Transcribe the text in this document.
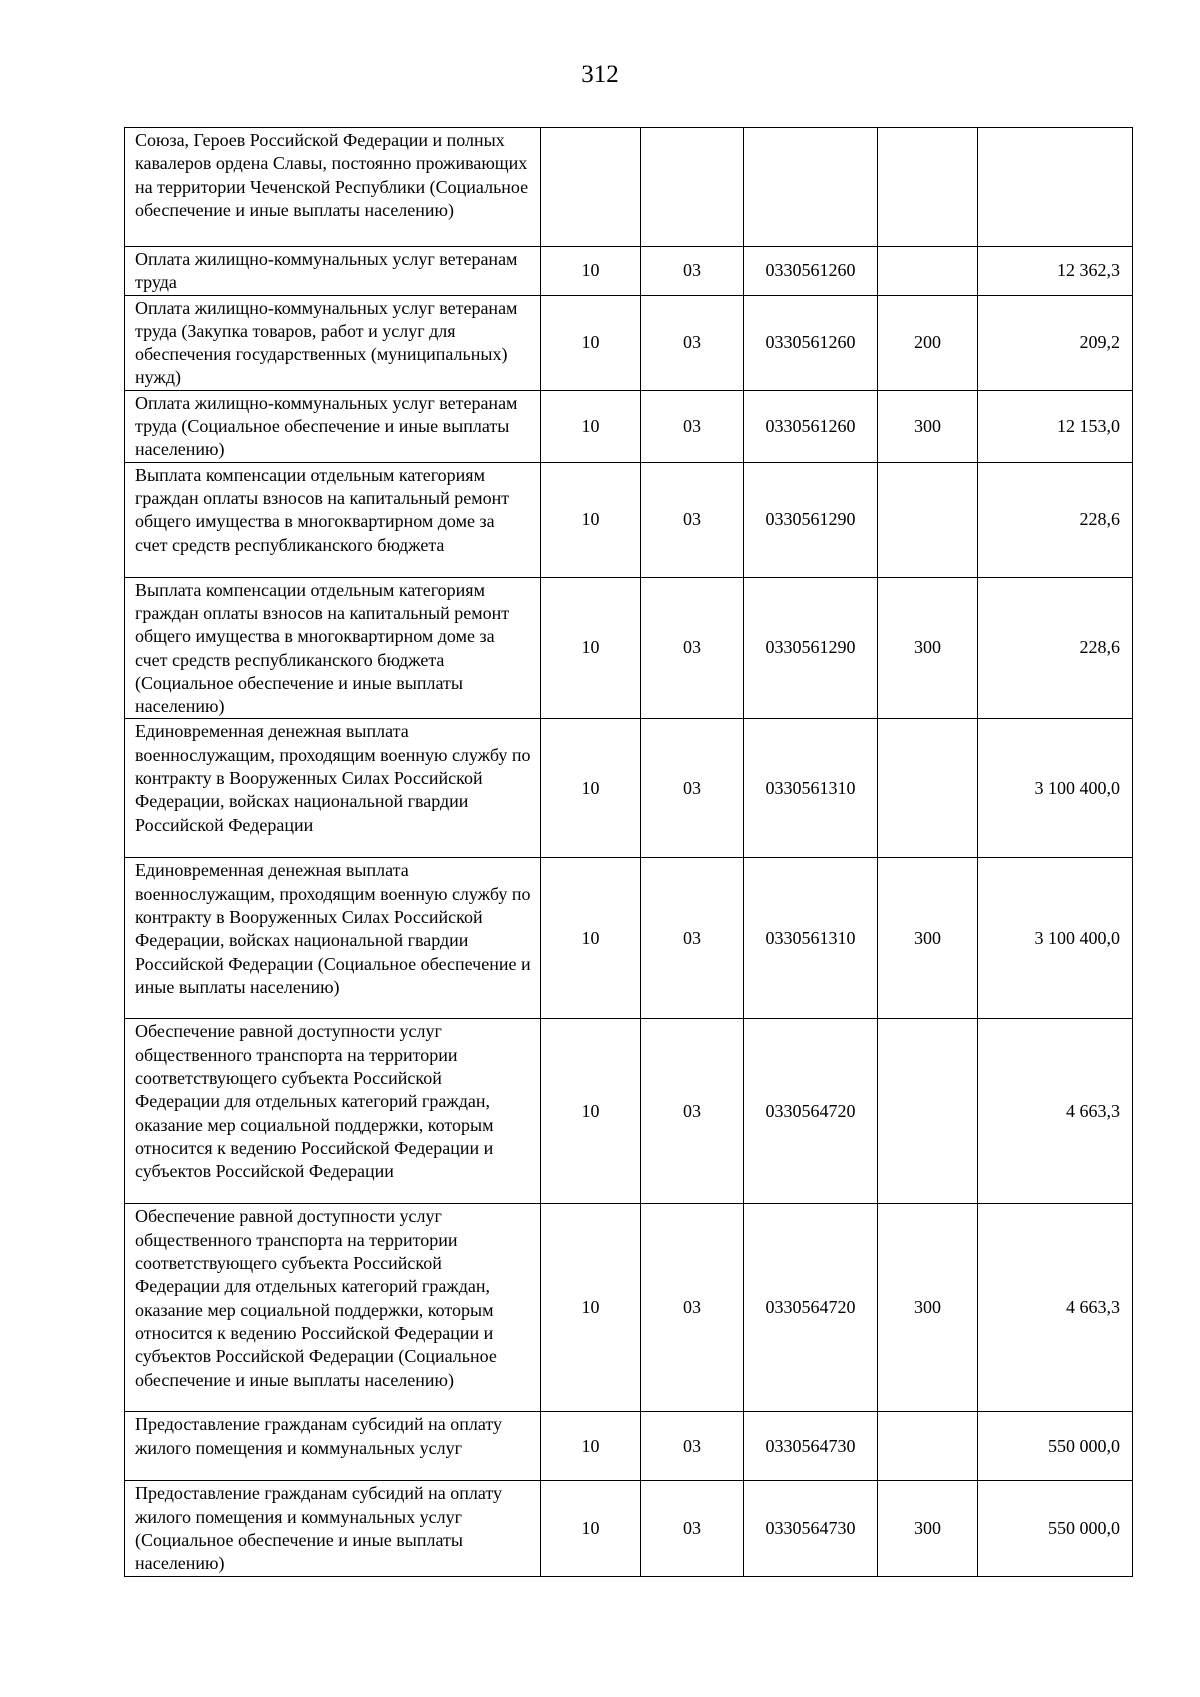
312
Союза, Героев Российской Федерации и полных кавалеров ордена Славы, постоянно проживающих на территории Чеченской Республики (Социальное обеспечение и иные выплаты населению)					
Оплата жилищно-коммунальных услуг ветеранам труда	10	03	0330561260		12 362,3
Оплата жилищно-коммунальных услуг ветеранам труда (Закупка товаров, работ и услуг для обеспечения государственных (муниципальных) нужд)	10	03	0330561260	200	209,2
Оплата жилищно-коммунальных услуг ветеранам труда (Социальное обеспечение и иные выплаты населению)	10	03	0330561260	300	12 153,0
Выплата компенсации отдельным категориям граждан оплаты взносов на капитальный ремонт общего имущества в многоквартирном доме за счет средств республиканского бюджета	10	03	0330561290		228,6
Выплата компенсации отдельным категориям граждан оплаты взносов на капитальный ремонт общего имущества в многоквартирном доме за счет средств республиканского бюджета (Социальное обеспечение и иные выплаты населению)	10	03	0330561290	300	228,6
Единовременная денежная выплата военнослужащим, проходящим военную службу по контракту в Вооруженных Силах Российской Федерации, войсках национальной гвардии Российской Федерации	10	03	0330561310		3 100 400,0
Единовременная денежная выплата военнослужащим, проходящим военную службу по контракту в Вооруженных Силах Российской Федерации, войсках национальной гвардии Российской Федерации (Социальное обеспечение и иные выплаты населению)	10	03	0330561310	300	3 100 400,0
Обеспечение равной доступности услуг общественного транспорта на территории соответствующего субъекта Российской Федерации для отдельных категорий граждан, оказание мер социальной поддержки, которым относится к ведению Российской Федерации и субъектов Российской Федерации	10	03	0330564720		4 663,3
Обеспечение равной доступности услуг общественного транспорта на территории соответствующего субъекта Российской Федерации для отдельных категорий граждан, оказание мер социальной поддержки, которым относится к ведению Российской Федерации и субъектов Российской Федерации (Социальное обеспечение и иные выплаты населению)	10	03	0330564720	300	4 663,3
Предоставление гражданам субсидий на оплату жилого помещения и коммунальных услуг	10	03	0330564730		550 000,0
Предоставление гражданам субсидий на оплату жилого помещения и коммунальных услуг (Социальное обеспечение и иные выплаты населению)	10	03	0330564730	300	550 000,0
